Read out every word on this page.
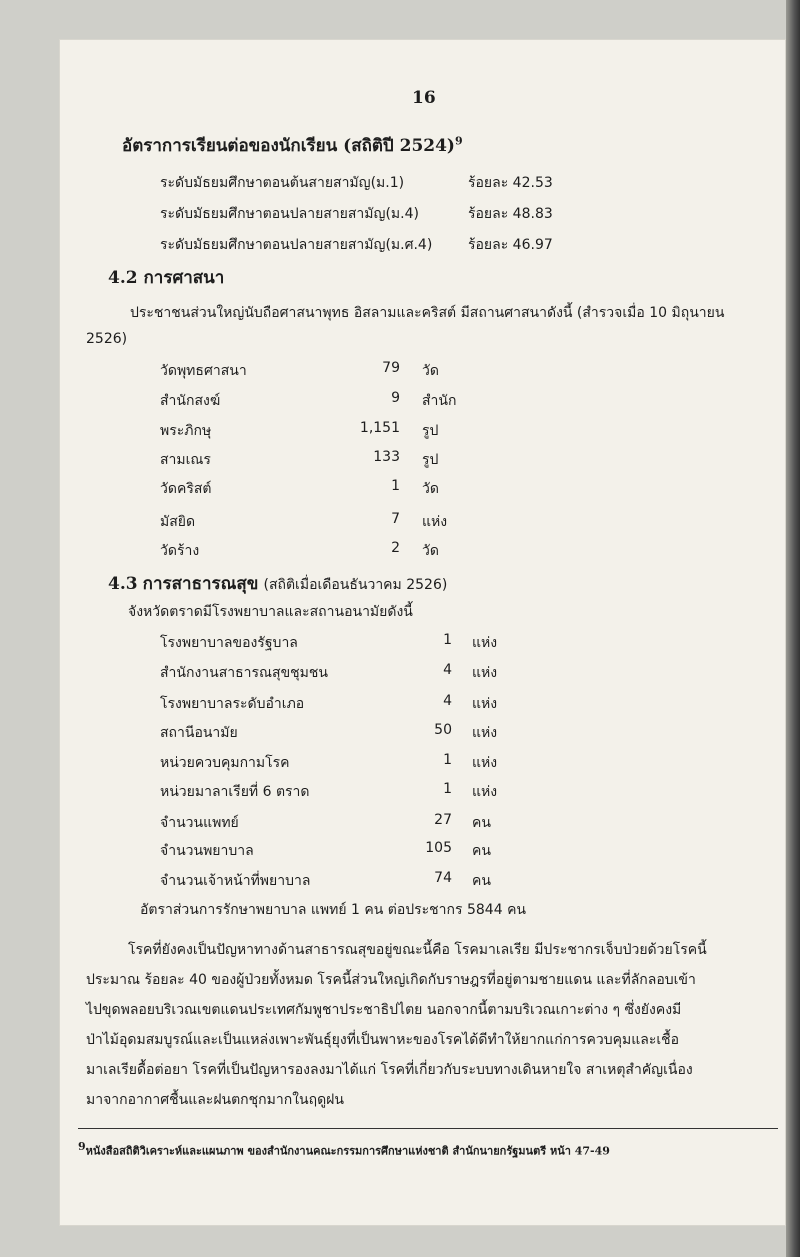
16
อัตราการเรียนต่อของนักเรียน (สถิติปี 2524)$^9$
ระดับมัธยมศึกษาตอนต้นสายสามัญ(ม.1)	ร้อยละ 42.53
ระดับมัธยมศึกษาตอนปลายสายสามัญ(ม.4)	ร้อยละ 48.83
ระดับมัธยมศึกษาตอนปลายสายสามัญ(ม.ศ.4)	ร้อยละ 46.97
4.2 การศาสนา
ประชาชนส่วนใหญ่นับถือศาสนาพุทธ อิสลามและคริสต์ มีสถานศาสนาดังนี้ (สำรวจเมื่อ 10 มิถุนายน
2526)
วัดพุทธศาสนา	79 วัด
สำนักสงฆ์	9 สำนัก
พระภิกษุ	1,151 รูป
สามเณร	133 รูป
วัดคริสต์	1 วัด
มัสยิด	7 แห่ง
วัดร้าง	2 วัด
4.3 การสาธารณสุข (สถิติเมื่อเดือนธันวาคม 2526)
จังหวัดตราดมีโรงพยาบาลและสถานอนามัยดังนี้
โรงพยาบาลของรัฐบาล	1 แห่ง
สำนักงานสาธารณสุขชุมชน	4 แห่ง
โรงพยาบาลระดับอำเภอ	4 แห่ง
สถานีอนามัย	50 แห่ง
หน่วยควบคุมกามโรค	1 แห่ง
หน่วยมาลาเรียที่ 6 ตราด	1 แห่ง
จำนวนแพทย์	27 คน
จำนวนพยาบาล	105 คน
จำนวนเจ้าหน้าที่พยาบาล	74 คน
อัตราส่วนการรักษาพยาบาล แพทย์ 1 คน ต่อประชากร 5844 คน
โรคที่ยังคงเป็นปัญหาทางด้านสาธารณสุขอยู่ขณะนี้คือ โรคมาเลเรีย มีประชากรเจ็บป่วยด้วยโรคนี้
ประมาณ ร้อยละ 40 ของผู้ป่วยทั้งหมด โรคนี้ส่วนใหญ่เกิดกับราษฎรที่อยู่ตามชายแดน และที่ลักลอบเข้า
ไปขุดพลอยบริเวณเขตแดนประเทศกัมพูชาประชาธิปไตย นอกจากนี้ตามบริเวณเกาะต่าง ๆ ซึ่งยังคงมี
ป่าไม้อุดมสมบูรณ์และเป็นแหล่งเพาะพันธุ์ยุงที่เป็นพาหะของโรคได้ดีทำให้ยากแก่การควบคุมและเชื้อ
มาเลเรียดื้อต่อยา โรคที่เป็นปัญหารองลงมาได้แก่ โรคที่เกี่ยวกับระบบทางเดินหายใจ สาเหตุสำคัญเนื่อง
มาจากอากาศชื้นและฝนตกชุกมากในฤดูฝน
9หนังสือสถิติวิเคราะห์และแผนภาพ ของสำนักงานคณะกรรมการศึกษาแห่งชาติ สำนักนายกรัฐมนตรี หน้า 47-49
